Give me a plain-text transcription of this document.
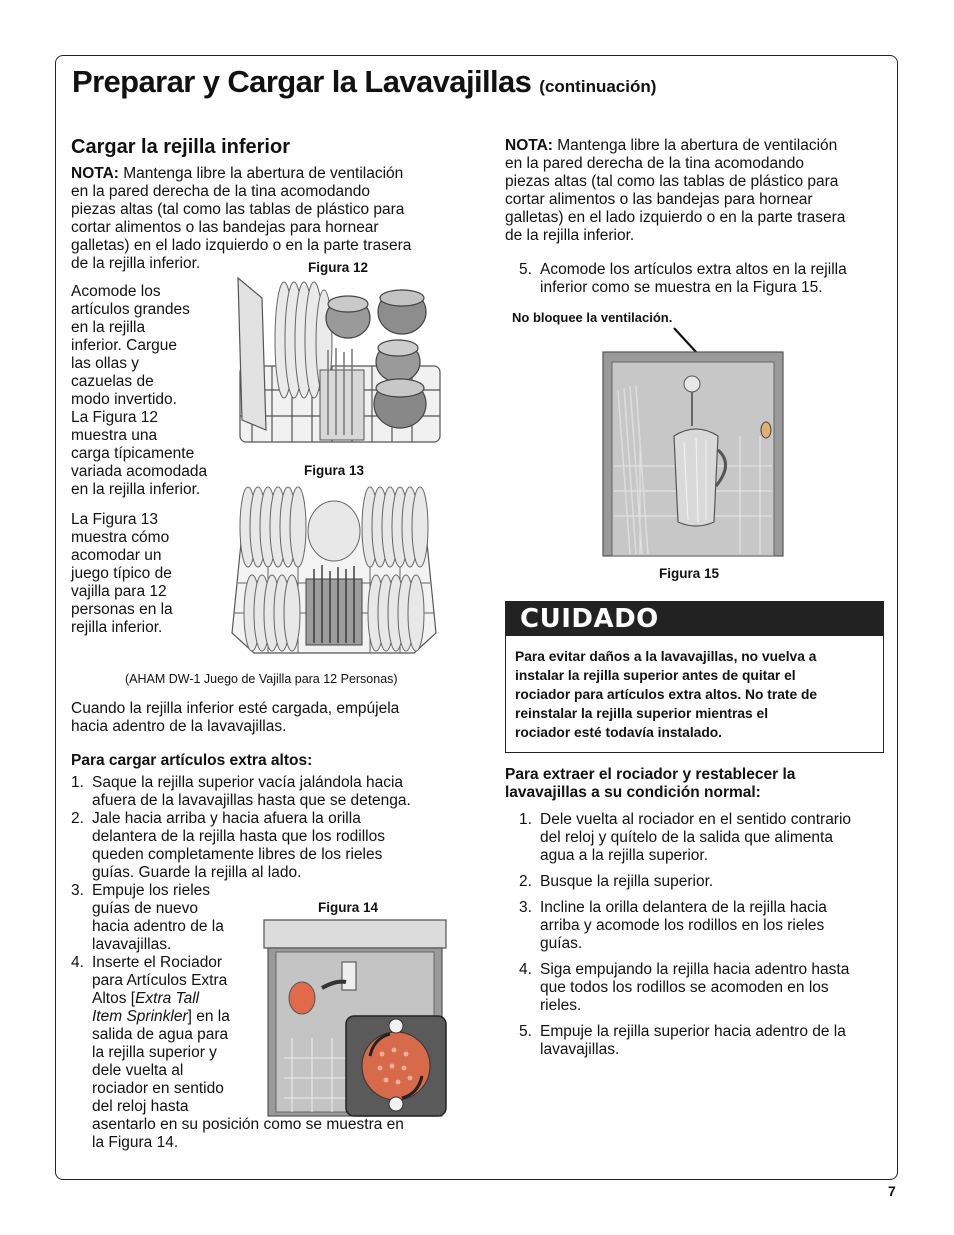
Preparar y Cargar la Lavavajillas (continuación)
Cargar la rejilla inferior
NOTA: Mantenga libre la abertura de ventilación
en la pared derecha de la tina acomodando
piezas altas (tal como las tablas de plástico para
cortar alimentos o las bandejas para hornear
galletas) en el lado izquierdo o en la parte trasera
de la rejilla inferior.
Acomode los
artículos grandes
en la rejilla
inferior. Cargue
las ollas y
cazuelas de
modo invertido.
La Figura 12
muestra una
carga típicamente
variada acomodada
en la rejilla inferior.
La Figura 13
muestra cómo
acomodar un
juego típico de
vajilla para 12
personas en la
rejilla inferior.
Figura 12
Figura 13
(AHAM DW-1 Juego de Vajilla para 12 Personas)
Cuando la rejilla inferior esté cargada, empújela
hacia adentro de la lavavajillas.
Para cargar artículos extra altos:
1. Saque la rejilla superior vacía jalándola hacia
afuera de la lavavajillas hasta que se detenga.
2. Jale hacia arriba y hacia afuera la orilla
delantera de la rejilla hasta que los rodillos
queden completamente libres de los rieles
guías. Guarde la rejilla al lado.
3. Empuje los rieles
guías de nuevo
hacia adentro de la
lavavajillas.
4. Inserte el Rociador
para Artículos Extra
Altos [Extra Tall
Item Sprinkler] en la
salida de agua para
la rejilla superior y
dele vuelta al
rociador en sentido
del reloj hasta
asentarlo en su posición como se muestra en
la Figura 14.
Figura 14
NOTA: Mantenga libre la abertura de ventilación
en la pared derecha de la tina acomodando
piezas altas (tal como las tablas de plástico para
cortar alimentos o las bandejas para hornear
galletas) en el lado izquierdo o en la parte trasera
de la rejilla inferior.
5. Acomode los artículos extra altos en la rejilla
inferior como se muestra en la Figura 15.
No bloquee la ventilación.
Figura 15
CUIDADO
Para evitar daños a la lavavajillas, no vuelva a
instalar la rejilla superior antes de quitar el
rociador para artículos extra altos. No trate de
reinstalar la rejilla superior mientras el
rociador esté todavía instalado.
Para extraer el rociador y restablecer la
lavavajillas a su condición normal:
1. Dele vuelta al rociador en el sentido contrario
del reloj y quítelo de la salida que alimenta
agua a la rejilla superior.
2. Busque la rejilla superior.
3. Incline la orilla delantera de la rejilla hacia
arriba y acomode los rodillos en los rieles
guías.
4. Siga empujando la rejilla hacia adentro hasta
que todos los rodillos se acomoden en los
rieles.
5. Empuje la rejilla superior hacia adentro de la
lavavajillas.
7
